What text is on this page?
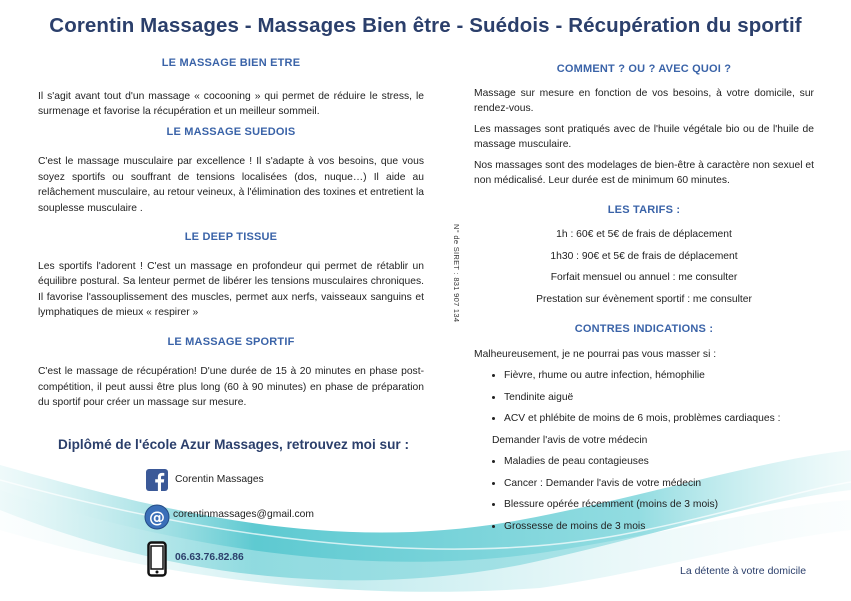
Corentin Massages - Massages Bien être - Suédois - Récupération du sportif
LE MASSAGE BIEN ETRE

Il s'agit avant tout d'un massage « cocooning » qui permet de réduire le stress, le surmenage et favorise la récupération et un meilleur sommeil.

LE MASSAGE SUEDOIS

C'est le massage musculaire par excellence ! Il s'adapte à vos besoins, que vous soyez sportifs ou souffrant de tensions localisées (dos, nuque…) Il aide au relâchement musculaire, au retour veineux, à l'élimination des toxines et entretient la souplesse musculaire .

LE DEEP TISSUE

Les sportifs l'adorent ! C'est un massage en profondeur qui permet de rétablir un équilibre postural. Sa lenteur permet de libérer les tensions musculaires chroniques. Il favorise l'assouplissement des muscles, permet aux nerfs, vaisseaux sanguins et lymphatiques de mieux « respirer »

LE MASSAGE SPORTIF

C'est le massage de récupération! D'une durée de 15 à 20 minutes en phase post-compétition, il peut aussi être plus long (60 à 90 minutes) en phase de préparation du sportif pour créer un massage sur mesure.

N° de SIRET : 831 907 134
COMMENT ? OU ? AVEC QUOI ?

Massage sur mesure en fonction de vos besoins, à votre domicile, sur rendez-vous.

Les massages sont pratiqués avec de l'huile végétale bio ou de l'huile de massage musculaire.

Nos massages sont des modelages de bien-être à caractère non sexuel et non médicalisé. Leur durée est de minimum 60 minutes.

LES TARIFS :
1h : 60€ et 5€ de frais de déplacement
1h30 : 90€ et 5€ de frais de déplacement
Forfait mensuel ou annuel : me consulter
Prestation sur évènement sportif : me consulter
CONTRES INDICATIONS :
Malheureusement, je ne pourrai pas vous masser si :
• Fièvre, rhume ou autre infection, hémophilie
• Tendinite aiguë
• ACV et phlébite de moins de 6 mois, problèmes cardiaques :
Demander l'avis de votre médecin
• Maladies de peau contagieuses
• Cancer : Demander l'avis de votre médecin
• Blessure opérée récemment (moins de 3 mois)
• Grossesse de moins de 3 mois
Diplômé de l'école Azur Massages, retrouvez moi sur :
Corentin Massages
@ corentinmassages@gmail.com
06.63.76.82.86
La détente à votre domicile
